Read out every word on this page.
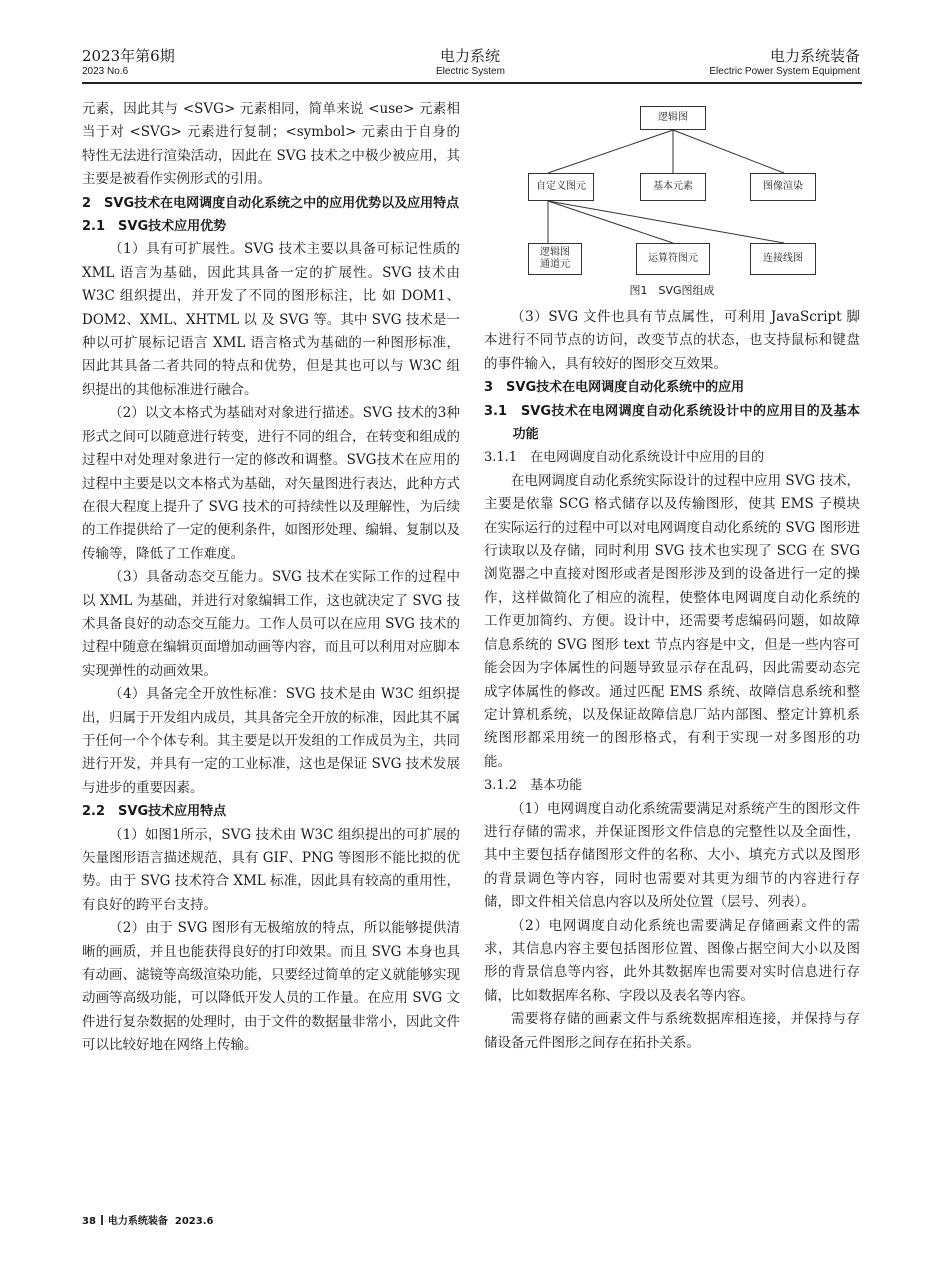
2023年第6期
2023 No.6
电力系统
Electric System
电力系统装备
Electric Power System Equipment

元素，因此其与 <SVG> 元素相同，简单来说 <use> 元素相当于对 <SVG> 元素进行复制；<symbol> 元素由于自身的特性无法进行渲染活动，因此在 SVG 技术之中极少被应用，其主要是被看作实例形式的引用。

2　SVG技术在电网调度自动化系统之中的应用优势以及应用特点

2.1　SVG技术应用优势

（1）具有可扩展性。SVG 技术主要以具备可标记性质的 XML 语言为基础，因此其具备一定的扩展性。SVG 技术由 W3C 组织提出，并开发了不同的图形标注，比 如 DOM1、DOM2、XML、XHTML 以 及 SVG 等。其中 SVG 技术是一种以可扩展标记语言 XML 语言格式为基础的一种图形标准，因此其具备二者共同的特点和优势，但是其也可以与 W3C 组织提出的其他标准进行融合。

（2）以文本格式为基础对对象进行描述。SVG 技术的3种形式之间可以随意进行转变，进行不同的组合，在转变和组成的过程中对处理对象进行一定的修改和调整。SVG技术在应用的过程中主要是以文本格式为基础，对矢量图进行表达，此种方式在很大程度上提升了 SVG 技术的可持续性以及理解性，为后续的工作提供给了一定的便利条件，如图形处理、编辑、复制以及传输等，降低了工作难度。

（3）具备动态交互能力。SVG 技术在实际工作的过程中以 XML 为基础，并进行对象编辑工作，这也就决定了 SVG 技术具备良好的动态交互能力。工作人员可以在应用 SVG 技术的过程中随意在编辑页面增加动画等内容，而且可以利用对应脚本实现弹性的动画效果。

（4）具备完全开放性标准：SVG 技术是由 W3C 组织提出，归属于开发组内成员，其具备完全开放的标准，因此其不属于任何一个个体专利。其主要是以开发组的工作成员为主，共同进行开发，并具有一定的工业标准，这也是保证 SVG 技术发展与进步的重要因素。

2.2　SVG技术应用特点

（1）如图1所示，SVG 技术由 W3C 组织提出的可扩展的矢量图形语言描述规范，具有 GIF、PNG 等图形不能比拟的优势。由于 SVG 技术符合 XML 标准，因此具有较高的重用性，有良好的跨平台支持。

（2）由于 SVG 图形有无极缩放的特点，所以能够提供清晰的画质，并且也能获得良好的打印效果。而且 SVG 本身也具有动画、滤镜等高级渲染功能，只要经过简单的定义就能够实现动画等高级功能，可以降低开发人员的工作量。在应用 SVG 文件进行复杂数据的处理时，由于文件的数据量非常小，因此文件可以比较好地在网络上传输。

逻辑图
自定义图元	基本元素	图像渲染
逻辑图
通道元
运算符图元	连接线图
图1　SVG图组成

（3）SVG 文件也具有节点属性，可利用 JavaScript 脚本进行不同节点的访问，改变节点的状态，也支持鼠标和键盘的事件输入，具有较好的图形交互效果。

3　SVG技术在电网调度自动化系统中的应用

3.1　SVG技术在电网调度自动化系统设计中的应用目的及基本功能

3.1.1　在电网调度自动化系统设计中应用的目的

在电网调度自动化系统实际设计的过程中应用 SVG 技术，主要是依靠 SCG 格式储存以及传输图形，使其 EMS 子模块在实际运行的过程中可以对电网调度自动化系统的 SVG 图形进行读取以及存储，同时利用 SVG 技术也实现了 SCG 在 SVG 浏览器之中直接对图形或者是图形涉及到的设备进行一定的操作，这样做简化了相应的流程，使整体电网调度自动化系统的工作更加简约、方便。设计中，还需要考虑编码问题，如故障信息系统的 SVG 图形 text 节点内容是中文，但是一些内容可能会因为字体属性的问题导致显示存在乱码，因此需要动态完成字体属性的修改。通过匹配 EMS 系统、故障信息系统和整定计算机系统，以及保证故障信息厂站内部图、整定计算机系统图形都采用统一的图形格式，有利于实现一对多图形的功能。

3.1.2　基本功能

（1）电网调度自动化系统需要满足对系统产生的图形文件进行存储的需求，并保证图形文件信息的完整性以及全面性，其中主要包括存储图形文件的名称、大小、填充方式以及图形的背景调色等内容，同时也需要对其更为细节的内容进行存储，即文件相关信息内容以及所处位置（层号、列表）。

（2）电网调度自动化系统也需要满足存储画素文件的需求，其信息内容主要包括图形位置、图像占据空间大小以及图形的背景信息等内容，此外其数据库也需要对实时信息进行存储，比如数据库名称、字段以及表名等内容。

需要将存储的画素文件与系统数据库相连接，并保持与存储设备元件图形之间存在拓扑关系。

38 电力系统装备 2023.6
